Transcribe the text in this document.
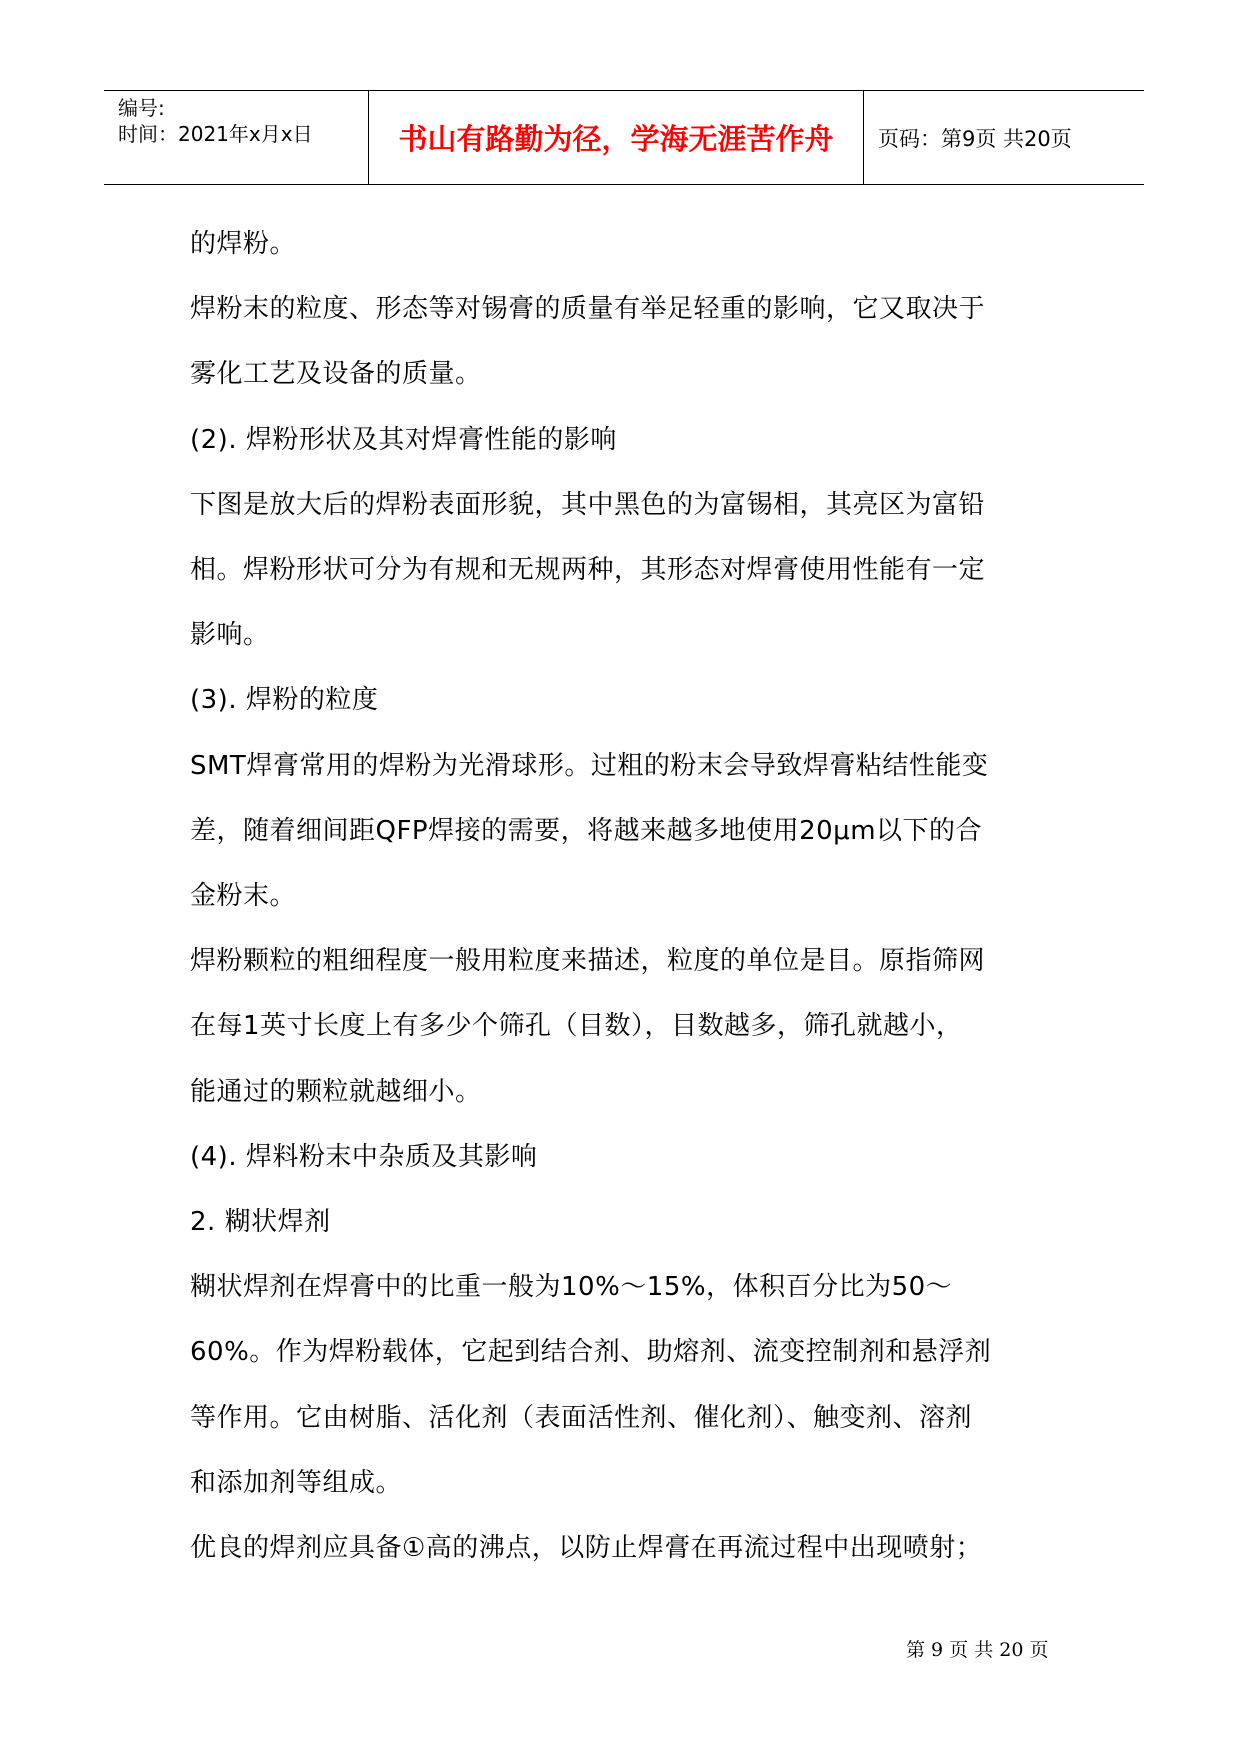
编号:
时间：2021年x月x日	书山有路勤为径，学海无涯苦作舟	页码：第9页 共20页

的焊粉。

焊粉末的粒度、形态等对锡膏的质量有举足轻重的影响，它又取决于

雾化工艺及设备的质量。

(2). 焊粉形状及其对焊膏性能的影响

下图是放大后的焊粉表面形貌，其中黑色的为富锡相，其亮区为富铅

相。焊粉形状可分为有规和无规两种，其形态对焊膏使用性能有一定

影响。

(3). 焊粉的粒度

SMT焊膏常用的焊粉为光滑球形。过粗的粉末会导致焊膏粘结性能变

差，随着细间距QFP焊接的需要，将越来越多地使用20μm以下的合

金粉末。

焊粉颗粒的粗细程度一般用粒度来描述，粒度的单位是目。原指筛网

在每1英寸长度上有多少个筛孔（目数），目数越多，筛孔就越小，

能通过的颗粒就越细小。

(4). 焊料粉末中杂质及其影响

2. 糊状焊剂

糊状焊剂在焊膏中的比重一般为10%～15%，体积百分比为50～

60%。作为焊粉载体，它起到结合剂、助熔剂、流变控制剂和悬浮剂

等作用。它由树脂、活化剂（表面活性剂、催化剂）、触变剂、溶剂

和添加剂等组成。

优良的焊剂应具备①高的沸点，以防止焊膏在再流过程中出现喷射；

第 9 页 共 20 页
